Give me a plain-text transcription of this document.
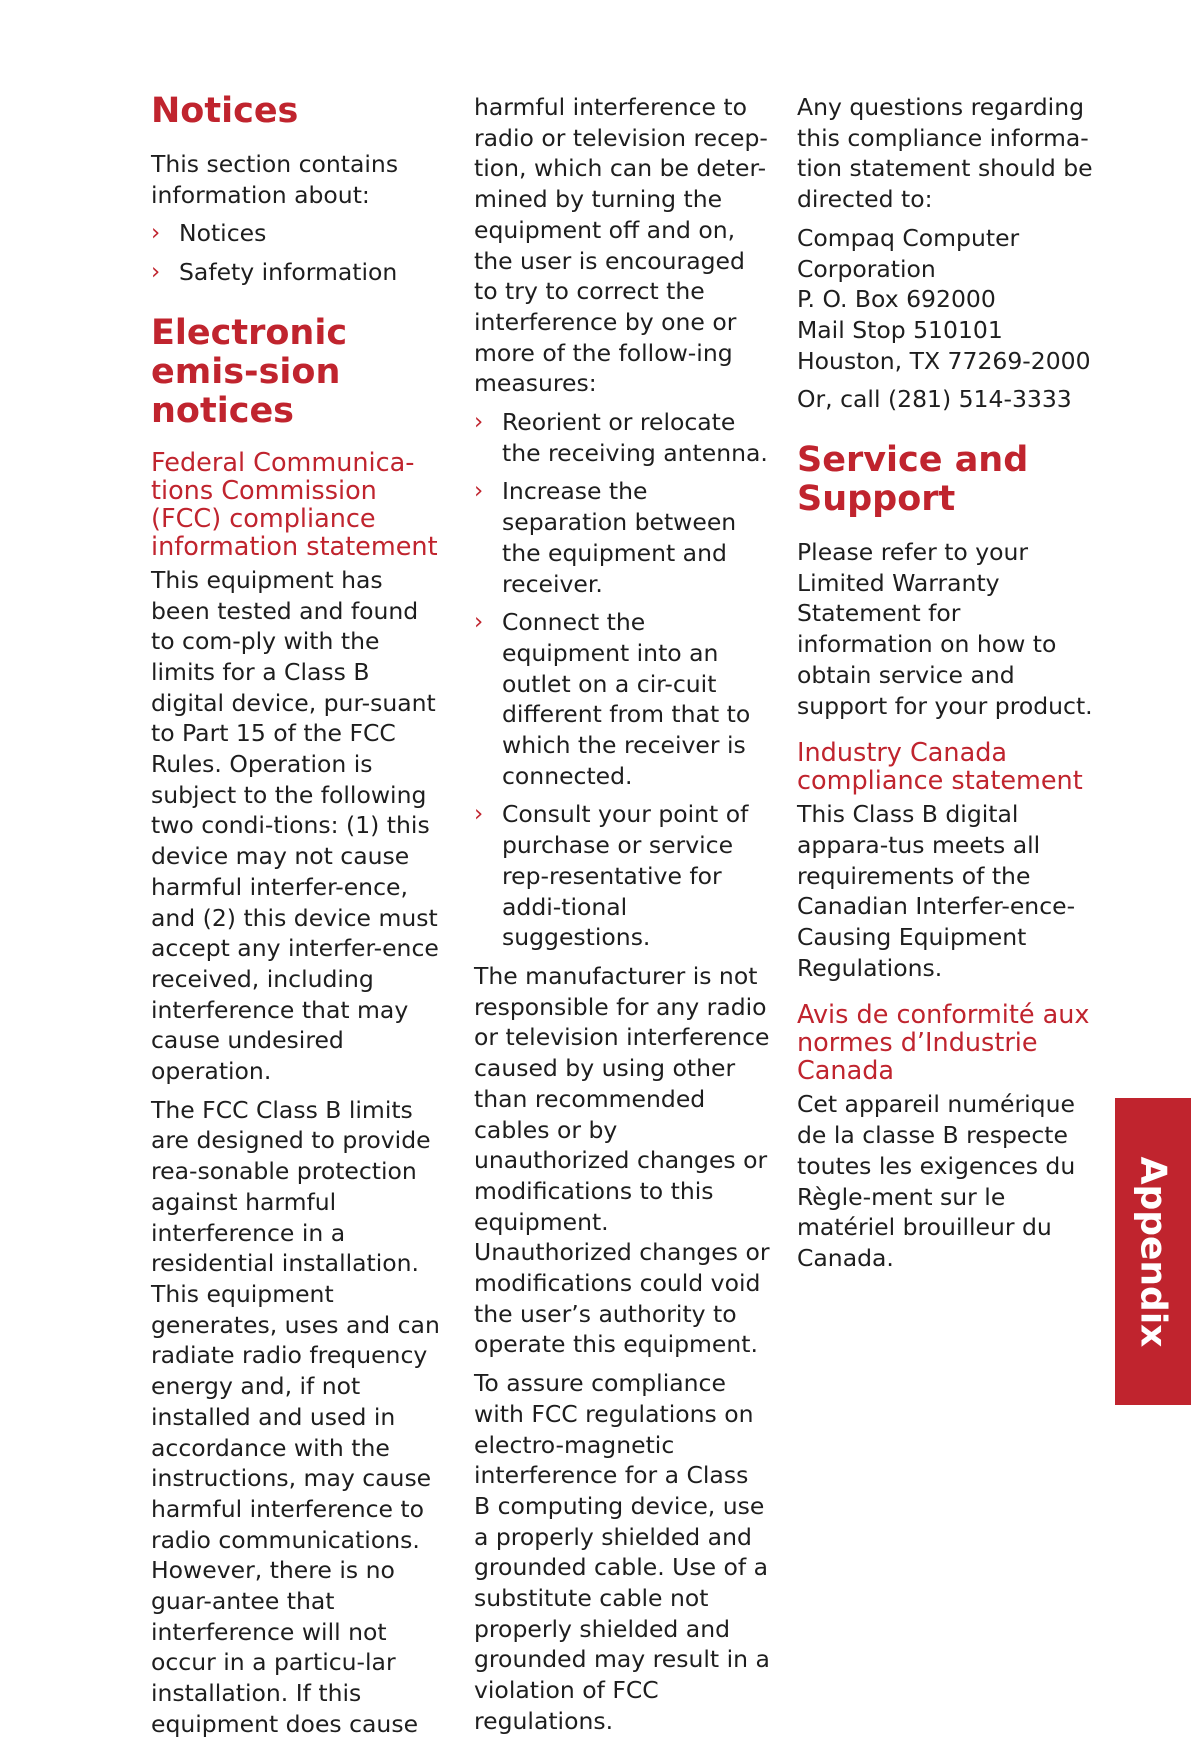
Notices

This section contains information about:

› Notices
› Safety information
Electronic emis-sion notices
Federal Communica-tions Commission (FCC) compliance information statement

This equipment has been tested and found to com-ply with the limits for a Class B digital device, pur-suant to Part 15 of the FCC Rules. Operation is subject to the following two condi-tions: (1) this device may not cause harmful interfer-ence, and (2) this device must accept any interfer-ence received, including interference that may cause undesired operation.

The FCC Class B limits are designed to provide rea-sonable protection against harmful interference in a residential installation. This equipment generates, uses and can radiate radio frequency energy and, if not installed and used in accordance with the instructions, may cause harmful interference to radio communications. However, there is no guar-antee that interference will not occur in a particu-lar installation. If this equipment does cause

harmful interference to radio or television recep-tion, which can be deter-mined by turning the equipment off and on, the user is encouraged to try to correct the interference by one or more of the follow-ing measures:

› Reorient or relocate the receiving antenna.
› Increase the separation between the equipment and receiver.
› Connect the equipment into an outlet on a cir-cuit different from that to which the receiver is connected.
› Consult your point of purchase or service rep-resentative for addi-tional suggestions.

The manufacturer is not responsible for any radio or television interference caused by using other than recommended cables or by unauthorized changes or modifications to this equipment. Unauthorized changes or modifications could void the user’s authority to operate this equipment.

To assure compliance with FCC regulations on electro-magnetic interference for a Class B computing device, use a properly shielded and grounded cable. Use of a substitute cable not properly shielded and grounded may result in a violation of FCC regulations.

Any questions regarding this compliance informa-tion statement should be directed to:

Compaq Computer Corporation

P. O. Box 692000

Mail Stop 510101

Houston, TX 77269-2000

Or, call (281) 514-3333

Service and Support

Please refer to your Limited Warranty Statement for information on how to obtain service and support for your product.

Industry Canada compliance statement

This Class B digital appara-tus meets all requirements of the Canadian Interfer-ence-Causing Equipment Regulations.

Avis de conformité aux normes d’Industrie Canada

Cet appareil numérique de la classe B respecte toutes les exigences du Règle-ment sur le matériel brouilleur du Canada.	Appendix
